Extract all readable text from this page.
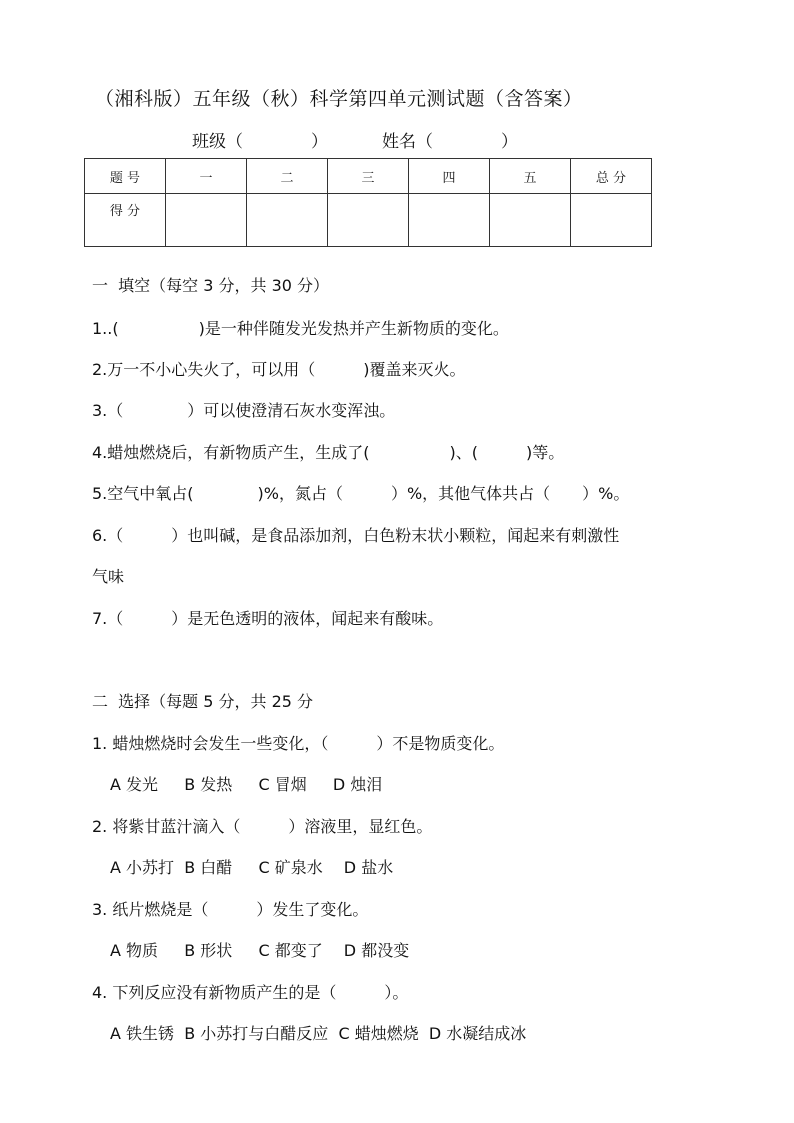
（湘科版）五年级（秋）科学第四单元测试题（含答案）
班级（　　　　）	姓名（　　　　）
题 号	一	二	三	四	五	总 分
得 分						
一  填空（每空 3 分，共 30 分）
1..(　　　　　)是一种伴随发光发热并产生新物质的变化。
2.万一不小心失火了，可以用（　　　)覆盖来灭火。
3.（　　　　）可以使澄清石灰水变浑浊。
4.蜡烛燃烧后，有新物质产生，生成了(　　　　　)、(　　　)等。
5.空气中氧占(　　　　)%，氮占（　　　）%，其他气体共占（　　）%。
6.（　　　）也叫碱，是食品添加剂，白色粉末状小颗粒，闻起来有刺激性
气味
7.（　　　）是无色透明的液体，闻起来有酸味。
二  选择（每题 5 分，共 25 分
1. 蜡烛燃烧时会发生一些变化，（　　　）不是物质变化。
A 发光　  B 发热　  C 冒烟　  D 烛泪
2. 将紫甘蓝汁滴入（　　　）溶液里，显红色。
A 小苏打  B 白醋　  C 矿泉水　 D 盐水
3. 纸片燃烧是（　　　）发生了变化。
A 物质　  B 形状　  C 都变了　 D 都没变
4. 下列反应没有新物质产生的是（　　　）。
A 铁生锈  B 小苏打与白醋反应  C 蜡烛燃烧  D 水凝结成冰
